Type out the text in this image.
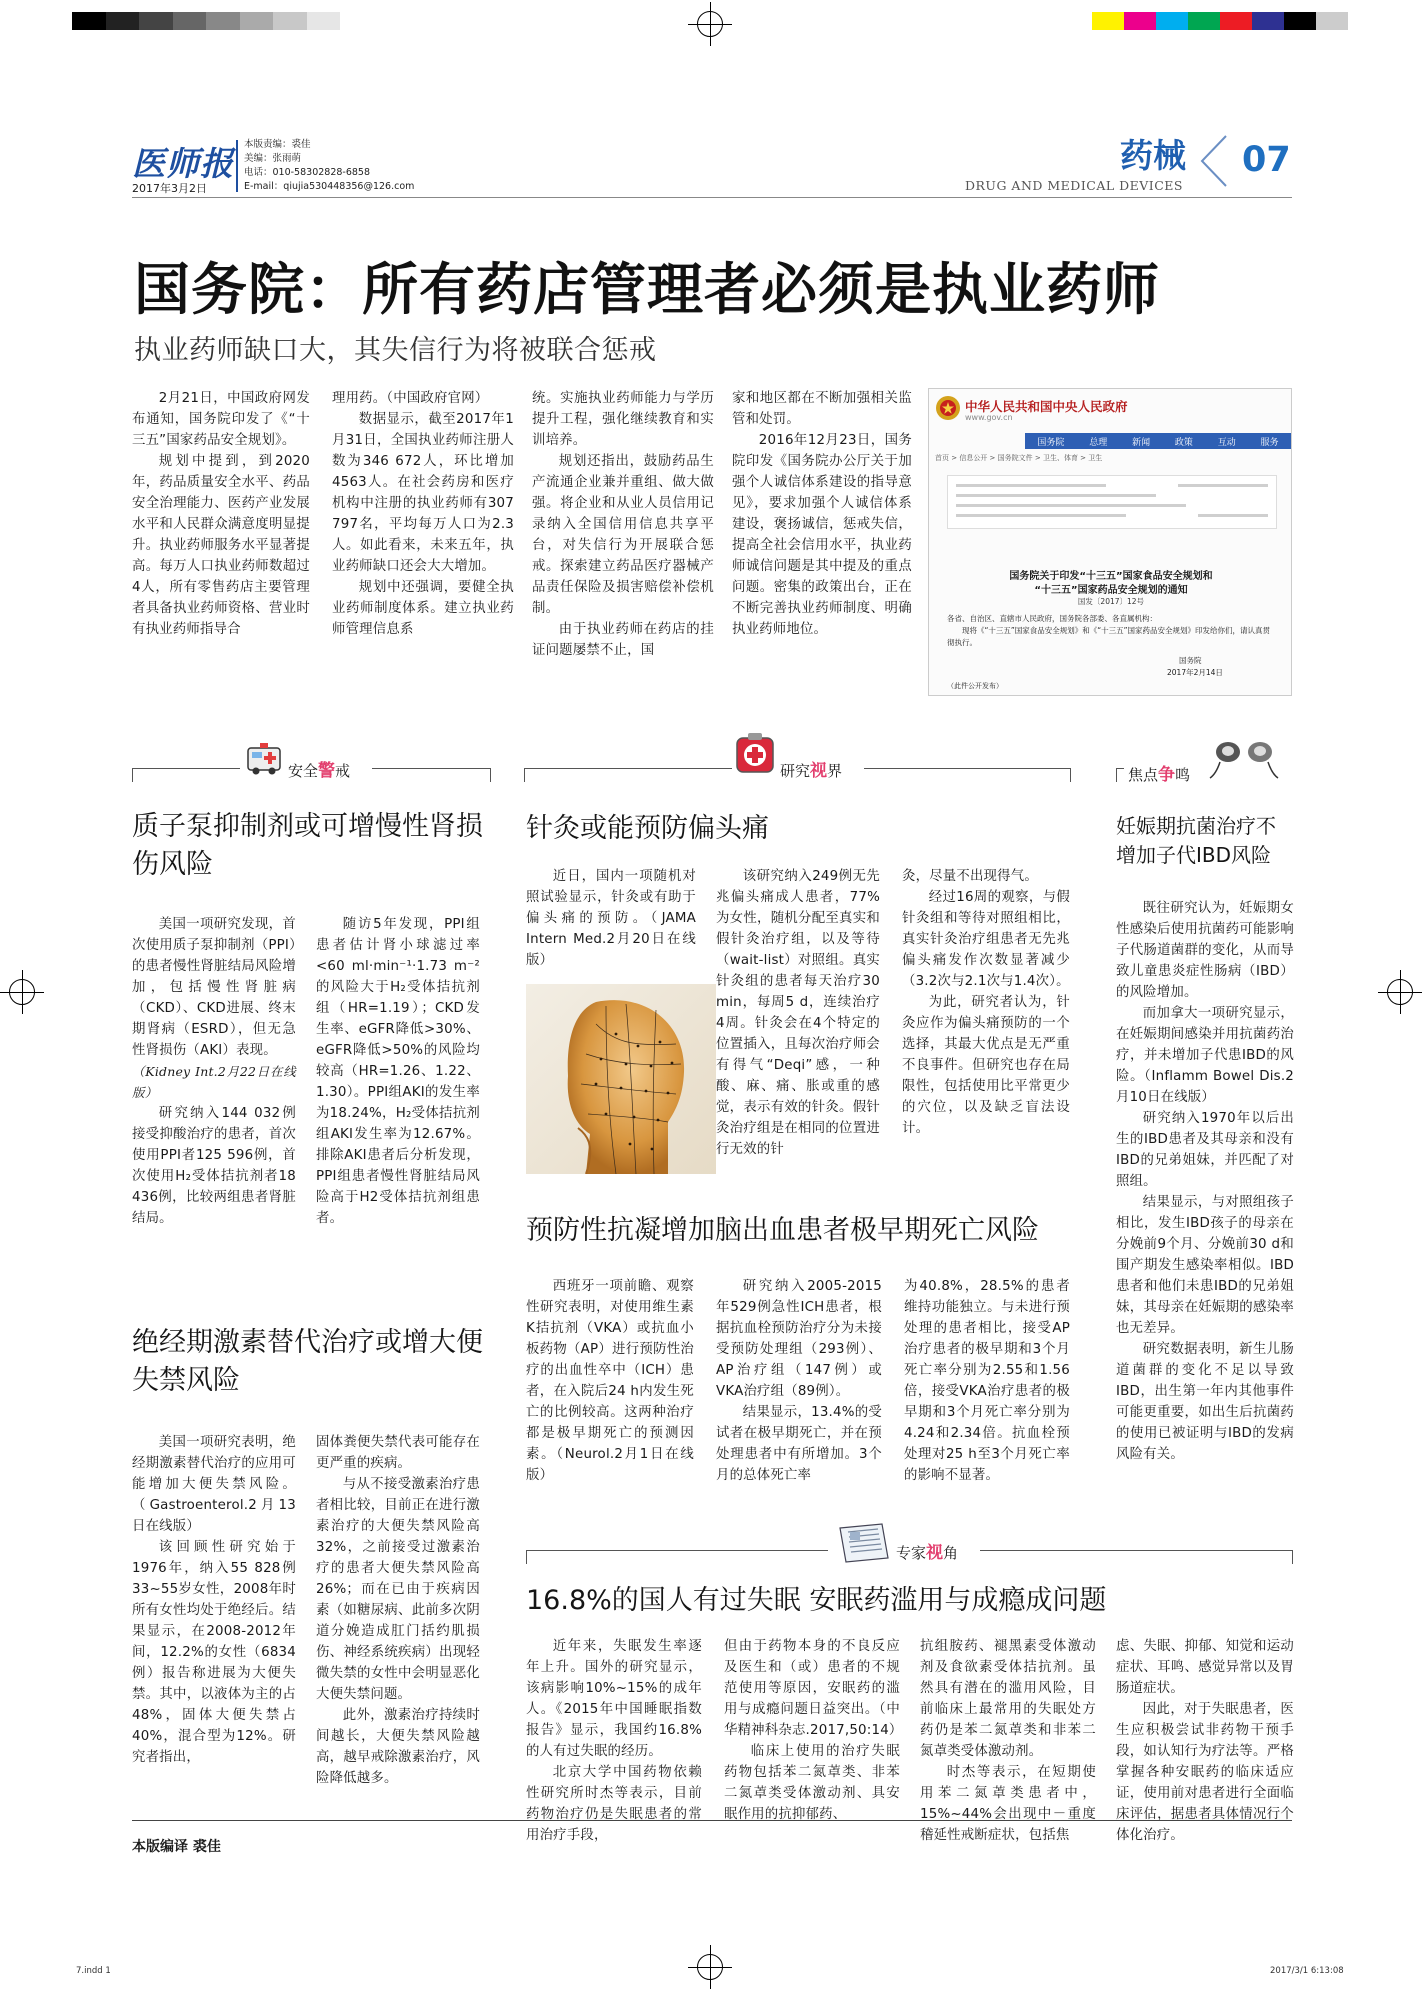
医师报
2017年3月2日
本版责编：裘佳
美编：张雨萌
电话：010-58302828-6858
E-mail：qiujia530448356@126.com
药械 07
DRUG AND MEDICAL DEVICES
国务院：所有药店管理者必须是执业药师
执业药师缺口大，其失信行为将被联合惩戒

2月21日，中国政府网发布通知，国务院印发了《“十三五”国家药品安全规划》。

规划中提到，到2020年，药品质量安全水平、药品安全治理能力、医药产业发展水平和人民群众满意度明显提升。执业药师服务水平显著提高。每万人口执业药师数超过4人，所有零售药店主要管理者具备执业药师资格、营业时有执业药师指导合

理用药。（中国政府官网）

数据显示，截至2017年1月31日，全国执业药师注册人数为346 672人，环比增加4563人。在社会药房和医疗机构中注册的执业药师有307 797名，平均每万人口为2.3人。如此看来，未来五年，执业药师缺口还会大大增加。

规划中还强调，要健全执业药师制度体系。建立执业药师管理信息系

统。实施执业药师能力与学历提升工程，强化继续教育和实训培养。

规划还指出，鼓励药品生产流通企业兼并重组、做大做强。将企业和从业人员信用记录纳入全国信用信息共享平台，对失信行为开展联合惩戒。探索建立药品医疗器械产品责任保险及损害赔偿补偿机制。

由于执业药师在药店的挂证问题屡禁不止，国

家和地区都在不断加强相关监管和处罚。

2016年12月23日，国务院印发《国务院办公厅关于加强个人诚信体系建设的指导意见》，要求加强个人诚信体系建设，褒扬诚信，惩戒失信，提高全社会信用水平，执业药师诚信问题是其中提及的重点问题。密集的政策出台，正在不断完善执业药师制度、明确执业药师地位。

中华人民共和国中央人民政府
www.gov.cn
国务院	总理	新闻	政策	互动	服务
首页 > 信息公开 > 国务院文件 > 卫生、体育 > 卫生
国务院关于印发“十三五”国家食品安全规划和
“十三五”国家药品安全规划的通知
国发〔2017〕12号
各省、自治区、直辖市人民政府，国务院各部委、各直属机构：
现将《“十三五”国家食品安全规划》和《“十三五”国家药品安全规划》印发给你们，请认真贯彻执行。
国务院
2017年2月14日
（此件公开发布）
安全警戒	研究视界	焦点争鸣
质子泵抑制剂或可增慢性肾损伤风险

美国一项研究发现，首次使用质子泵抑制剂（PPI）的患者慢性肾脏结局风险增加，包括慢性肾脏病（CKD）、CKD进展、终末期肾病（ESRD），但无急性肾损伤（AKI）表现。

（Kidney Int.2月22日在线版）

研究纳入144 032例接受抑酸治疗的患者，首次使用PPI者125 596例，首次使用H₂受体拮抗剂者18 436例，比较两组患者肾脏结局。

随访5年发现，PPI组患者估计肾小球滤过率<60 ml·min⁻¹·1.73 m⁻²的风险大于H₂受体拮抗剂组（HR=1.19）；CKD发生率、eGFR降低>30%、eGFR降低>50%的风险均较高（HR=1.26、1.22、1.30）。PPI组AKI的发生率为18.24%，H₂受体拮抗剂组AKI发生率为12.67%。排除AKI患者后分析发现，PPI组患者慢性肾脏结局风险高于H2受体拮抗剂组患者。

绝经期激素替代治疗或增大便失禁风险

美国一项研究表明，绝经期激素替代治疗的应用可能增加大便失禁风险。（Gastroenterol.2月13日在线版）

该回顾性研究始于1976年，纳入55 828例33~55岁女性，2008年时所有女性均处于绝经后。结果显示，在2008-2012年间，12.2%的女性（6834例）报告称进展为大便失禁。其中，以液体为主的占48%，固体大便失禁占40%，混合型为12%。研究者指出，

固体粪便失禁代表可能存在更严重的疾病。

与从不接受激素治疗患者相比较，目前正在进行激素治疗的大便失禁风险高32%，之前接受过激素治疗的患者大便失禁风险高26%；而在已由于疾病因素（如糖尿病、此前多次阴道分娩造成肛门括约肌损伤、神经系统疾病）出现轻微失禁的女性中会明显恶化大便失禁问题。

此外，激素治疗持续时间越长，大便失禁风险越高，越早戒除激素治疗，风险降低越多。

针灸或能预防偏头痛
近日，国内一项随机对照试验显示，针灸或有助于偏头痛的预防。（JAMA Intern Med.2月20日在线版）

该研究纳入249例无先兆偏头痛成人患者，77%为女性，随机分配至真实和假针灸治疗组，以及等待（wait-list）对照组。真实针灸组的患者每天治疗30 min，每周5 d，连续治疗4周。针灸会在4个特定的位置插入，且每次治疗师会有得气“Deqi”感，一种酸、麻、痛、胀或重的感觉，表示有效的针灸。假针灸治疗组是在相同的位置进行无效的针

灸，尽量不出现得气。

经过16周的观察，与假针灸组和等待对照组相比，真实针灸治疗组患者无先兆偏头痛发作次数显著减少（3.2次与2.1次与1.4次）。

为此，研究者认为，针灸应作为偏头痛预防的一个选择，其最大优点是无严重不良事件。但研究也存在局限性，包括使用比平常更少的穴位，以及缺乏盲法设计。

预防性抗凝增加脑出血患者极早期死亡风险

西班牙一项前瞻、观察性研究表明，对使用维生素K拮抗剂（VKA）或抗血小板药物（AP）进行预防性治疗的出血性卒中（ICH）患者，在入院后24 h内发生死亡的比例较高。这两种治疗都是极早期死亡的预测因素。（Neurol.2月1日在线版）

研究纳入2005-2015年529例急性ICH患者，根据抗血栓预防治疗分为未接受预防处理组（293例）、AP治疗组（147例）或VKA治疗组（89例）。

结果显示，13.4%的受试者在极早期死亡，并在预处理患者中有所增加。3个月的总体死亡率

为40.8%，28.5%的患者维持功能独立。与未进行预处理的患者相比，接受AP治疗患者的极早期和3个月死亡率分别为2.55和1.56倍，接受VKA治疗患者的极早期和3个月死亡率分别为4.24和2.34倍。抗血栓预处理对25 h至3个月死亡率的影响不显著。

妊娠期抗菌治疗不增加子代IBD风险

既往研究认为，妊娠期女性感染后使用抗菌药可能影响子代肠道菌群的变化，从而导致儿童患炎症性肠病（IBD）的风险增加。

而加拿大一项研究显示，在妊娠期间感染并用抗菌药治疗，并未增加子代患IBD的风险。（Inflamm Bowel Dis.2月10日在线版）

研究纳入1970年以后出生的IBD患者及其母亲和没有IBD的兄弟姐妹，并匹配了对照组。

结果显示，与对照组孩子相比，发生IBD孩子的母亲在分娩前9个月、分娩前30 d和围产期发生感染率相似。IBD患者和他们未患IBD的兄弟姐妹，其母亲在妊娠期的感染率也无差异。

研究数据表明，新生儿肠道菌群的变化不足以导致IBD，出生第一年内其他事件可能更重要，如出生后抗菌药的使用已被证明与IBD的发病风险有关。

专家视角
16.8%的国人有过失眠 安眠药滥用与成瘾成问题

近年来，失眠发生率逐年上升。国外的研究显示，该病影响10%~15%的成年人。《2015年中国睡眠指数报告》显示，我国约16.8%的人有过失眠的经历。

北京大学中国药物依赖性研究所时杰等表示，目前药物治疗仍是失眠患者的常用治疗手段，

但由于药物本身的不良反应及医生和（或）患者的不规范使用等原因，安眠药的滥用与成瘾问题日益突出。（中华精神科杂志.2017,50:14）

临床上使用的治疗失眠药物包括苯二氮䓬类、非苯二氮䓬类受体激动剂、具安眠作用的抗抑郁药、

抗组胺药、褪黑素受体激动剂及食欲素受体拮抗剂。虽然具有潜在的滥用风险，目前临床上最常用的失眠处方药仍是苯二氮䓬类和非苯二氮䓬类受体激动剂。

时杰等表示，在短期使用苯二氮䓬类患者中，15%~44%会出现中－重度稽延性戒断症状，包括焦

虑、失眠、抑郁、知觉和运动症状、耳鸣、感觉异常以及胃肠道症状。

因此，对于失眠患者，医生应积极尝试非药物干预手段，如认知行为疗法等。严格掌握各种安眠药的临床适应证，使用前对患者进行全面临床评估，据患者具体情况行个体化治疗。

本版编译 裘佳
7.indd 1	2017/3/1 6:13:08
